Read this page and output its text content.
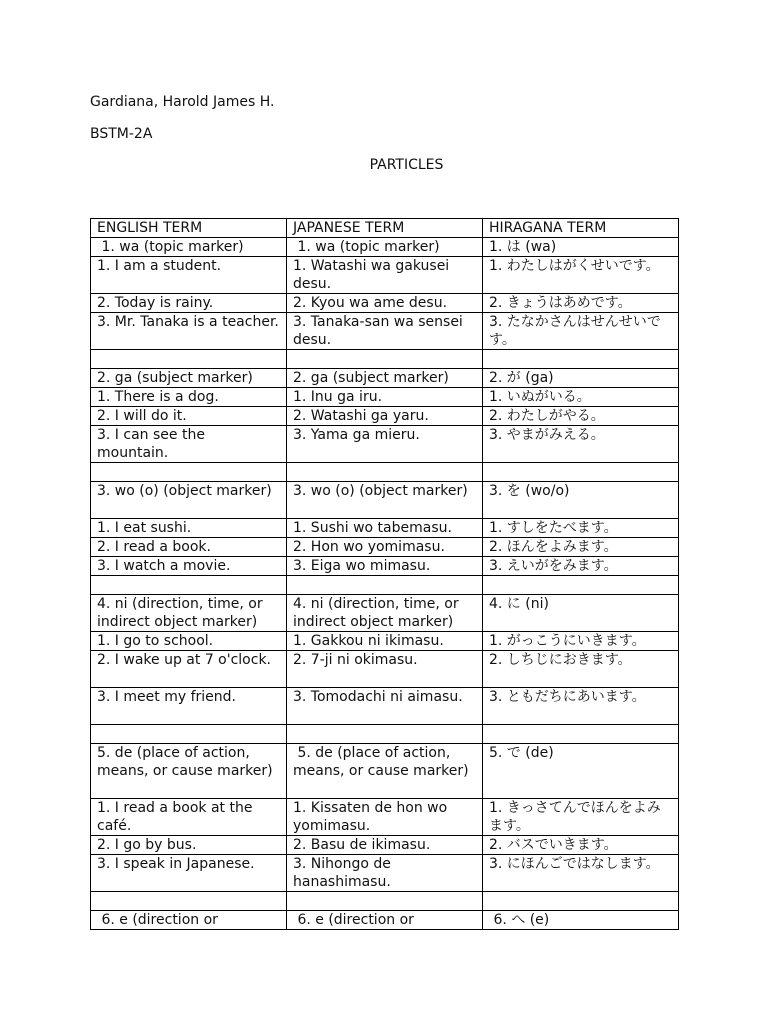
Gardiana, Harold James H.
BSTM-2A
PARTICLES
ENGLISH TERM	JAPANESE TERM	HIRAGANA TERM
1. wa (topic marker)	1. wa (topic marker)	1. は (wa)
1. I am a student.	1. Watashi wa gakusei desu.	1. わたしはがくせいです。
2. Today is rainy.	2. Kyou wa ame desu.	2. きょうはあめです。
3. Mr. Tanaka is a teacher.	3. Tanaka-san wa sensei desu.	3. たなかさんはせんせいです。

2. ga (subject marker)	2. ga (subject marker)	2. が (ga)
1. There is a dog.	1. Inu ga iru.	1. いぬがいる。
2. I will do it.	2. Watashi ga yaru.	2. わたしがやる。
3. I can see the mountain.	3. Yama ga mieru.	3. やまがみえる。

3. wo (o) (object marker)	3. wo (o) (object marker)	3. を (wo/o)
1. I eat sushi.	1. Sushi wo tabemasu.	1. すしをたべます。
2. I read a book.	2. Hon wo yomimasu.	2. ほんをよみます。
3. I watch a movie.	3. Eiga wo mimasu.	3. えいがをみます。

4. ni (direction, time, or indirect object marker)	4. ni (direction, time, or indirect object marker)	4. に (ni)
1. I go to school.	1. Gakkou ni ikimasu.	1. がっこうにいきます。
2. I wake up at 7 o'clock.	2. 7-ji ni okimasu.	2. しちじにおきます。
3. I meet my friend.	3. Tomodachi ni aimasu.	3. ともだちにあいます。

5. de (place of action, means, or cause marker)	5. de (place of action, means, or cause marker)	5. で (de)
1. I read a book at the café.	1. Kissaten de hon wo yomimasu.	1. きっさてんでほんをよみます。
2. I go by bus.	2. Basu de ikimasu.	2. バスでいきます。
3. I speak in Japanese.	3. Nihongo de hanashimasu.	3. にほんごではなします。

6. e (direction or	6. e (direction or	6. へ (e)
